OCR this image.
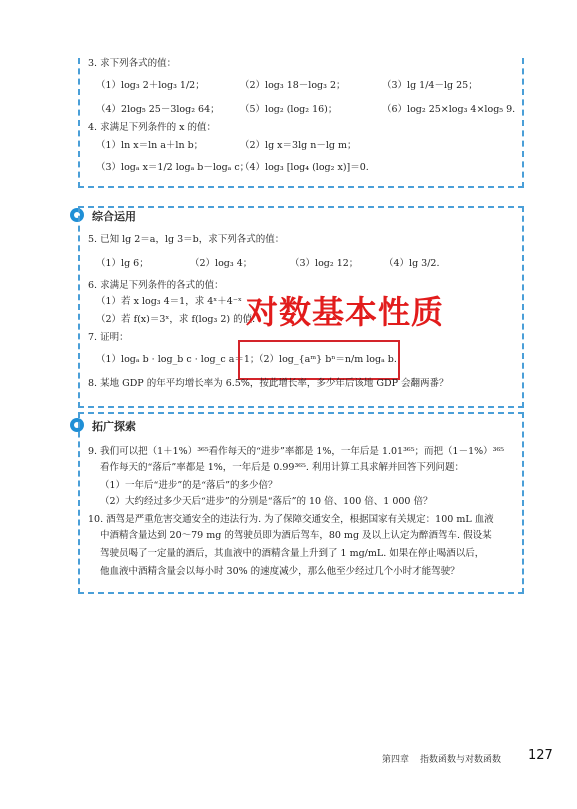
3. 求下列各式的值：
（1）log₃ 2＋log₃ 1/2；	（2）log₃ 18－log₃ 2；	（3）lg 1/4－lg 25；
（4）2log₅ 25－3log₂ 64； （5）log₂ (log₂ 16)；	（6）log₂ 25×log₃ 4×log₅ 9.
4. 求满足下列条件的 x 的值：
（1）ln x＝ln a＋ln b；	（2）lg x＝3lg n－lg m；
（3）logₐ x＝1/2 logₐ b－logₐ c；
（4）log₃ [log₄ (log₂ x)]＝0.
综合运用
5. 已知 lg 2＝a，lg 3＝b，求下列各式的值：
（1）lg 6；	（2）log₃ 4；	（3）log₂ 12；	（4）lg 3/2.
6. 求满足下列条件的各式的值：
（1）若 x log₃ 4＝1，求 4ˣ＋4⁻ˣ
（2）若 f(x)＝3ˣ，求 f(log₃ 2) 的值.
7. 证明：
（1）logₐ b · log_b c · log_c a＝1；
（2）log_{aᵐ} bⁿ＝n/m logₐ b.
8. 某地 GDP 的年平均增长率为 6.5%，按此增长率，多少年后该地 GDP 会翻两番？
对数基本性质
拓广探索
9. 我们可以把（1＋1%）³⁶⁵看作每天的“进步”率都是 1%，一年后是 1.01³⁶⁵；而把（1－1%）³⁶⁵
看作每天的“落后”率都是 1%，一年后是 0.99³⁶⁵. 利用计算工具求解并回答下列问题：
（1）一年后“进步”的是“落后”的多少倍？
（2）大约经过多少天后“进步”的分别是“落后”的 10 倍、100 倍、1 000 倍？
10. 酒驾是严重危害交通安全的违法行为. 为了保障交通安全，根据国家有关规定：100 mL 血液
中酒精含量达到 20～79 mg 的驾驶员即为酒后驾车，80 mg 及以上认定为醉酒驾车. 假设某
驾驶员喝了一定量的酒后，其血液中的酒精含量上升到了 1 mg/mL. 如果在停止喝酒以后，
他血液中酒精含量会以每小时 30% 的速度减少，那么他至少经过几个小时才能驾驶？
第四章 指数函数与对数函数 127
